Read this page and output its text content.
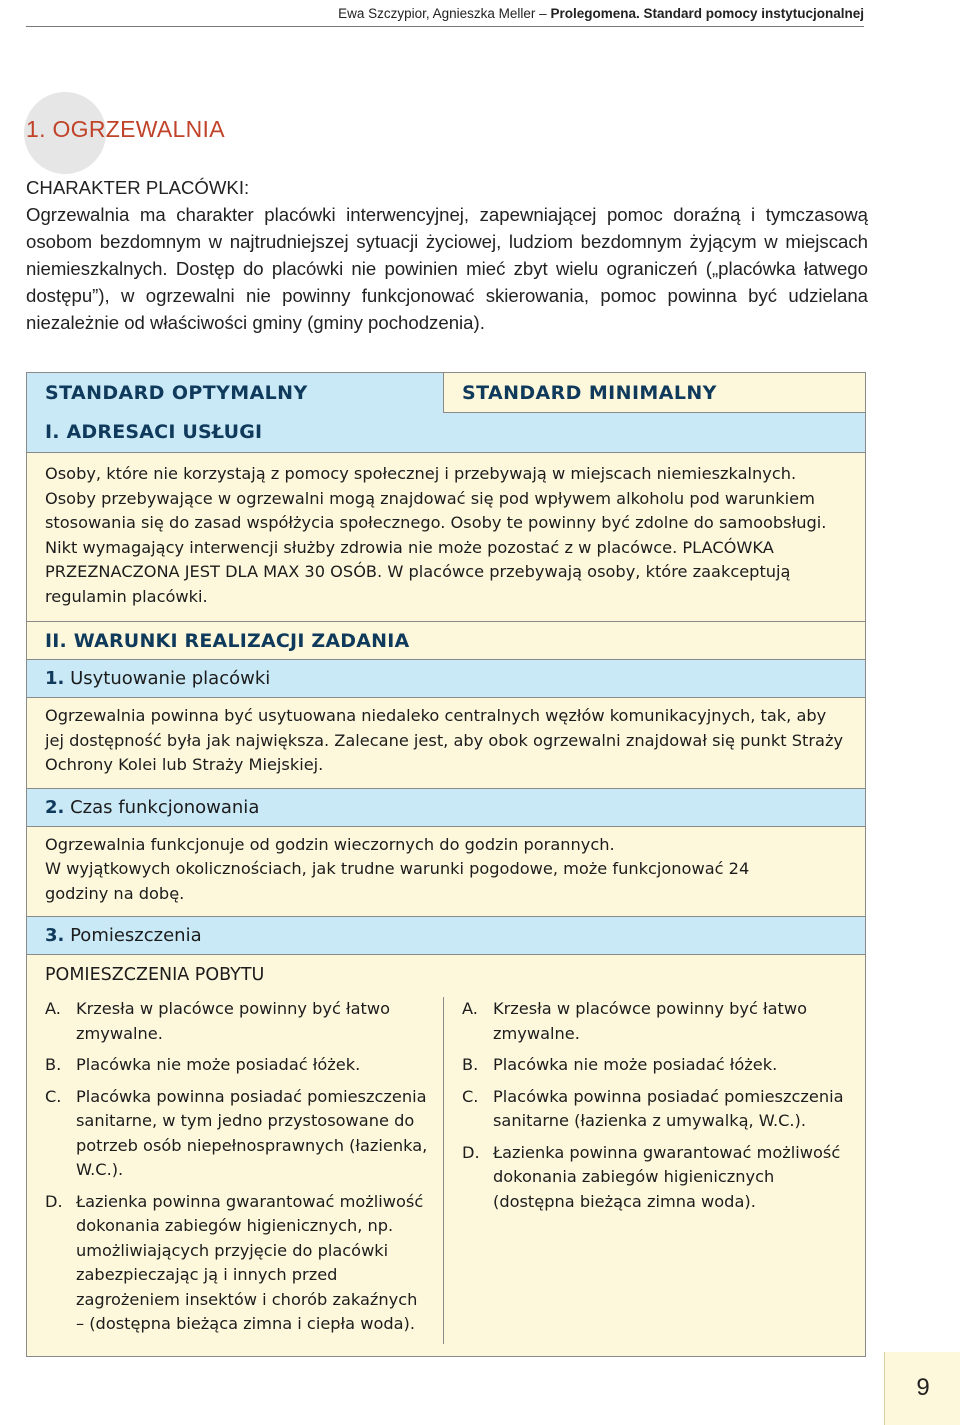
Ewa Szczypior, Agnieszka Meller – Prolegomena. Standard pomocy instytucjonalnej
1. OGRZEWALNIA
CHARAKTER PLACÓWKI:
Ogrzewalnia ma charakter placówki interwencyjnej, zapewniającej pomoc doraźną i tymczasową osobom bezdomnym w najtrudniejszej sytuacji życiowej, ludziom bezdomnym żyjącym w miejscach niemieszkalnych. Dostęp do placówki nie powinien mieć zbyt wielu ograniczeń („placówka łatwego dostępu”), w ogrzewalni nie powinny funkcjonować skierowania, pomoc powinna być udzielana niezależnie od właściwości gminy (gminy pochodzenia).
STANDARD OPTYMALNY
I. ADRESACI USŁUGI
STANDARD MINIMALNY
Osoby, które nie korzystają z pomocy społecznej i przebywają w miejscach niemieszkalnych. Osoby przebywające w ogrzewalni mogą znajdować się pod wpływem alkoholu pod warunkiem stosowania się do zasad współżycia społecznego. Osoby te powinny być zdolne do samoobsługi. Nikt wymagający interwencji służby zdrowia nie może pozostać z w placówce. PLACÓWKA PRZEZNACZONA JEST DLA MAX 30 OSÓB. W placówce przebywają osoby, które zaakceptują regulamin placówki.
II. WARUNKI REALIZACJI ZADANIA
1. Usytuowanie placówki
Ogrzewalnia powinna być usytuowana niedaleko centralnych węzłów komunikacyjnych, tak, aby jej dostępność była jak największa. Zalecane jest, aby obok ogrzewalni znajdował się punkt Straży Ochrony Kolei lub Straży Miejskiej.
2. Czas funkcjonowania
Ogrzewalnia funkcjonuje od godzin wieczornych do godzin porannych.
W wyjątkowych okolicznościach, jak trudne warunki pogodowe, może funkcjonować 24 godziny na dobę.
3. Pomieszczenia
POMIESZCZENIA POBYTU
A. Krzesła w placówce powinny być łatwo zmywalne.
B. Placówka nie może posiadać łóżek.
C. Placówka powinna posiadać pomieszczenia sanitarne, w tym jedno przystosowane do potrzeb osób niepełnosprawnych (łazienka, W.C.).
D. Łazienka powinna gwarantować możliwość dokonania zabiegów higienicznych, np. umożliwiających przyjęcie do placówki zabezpieczając ją i innych przed zagrożeniem insektów i chorób zakaźnych – (dostępna bieżąca zimna i ciepła woda).
A. Krzesła w placówce powinny być łatwo zmywalne.
B. Placówka nie może posiadać łóżek.
C. Placówka powinna posiadać pomieszczenia sanitarne (łazienka z umywalką, W.C.).
D. Łazienka powinna gwarantować możliwość dokonania zabiegów higienicznych (dostępna bieżąca zimna woda).
9
